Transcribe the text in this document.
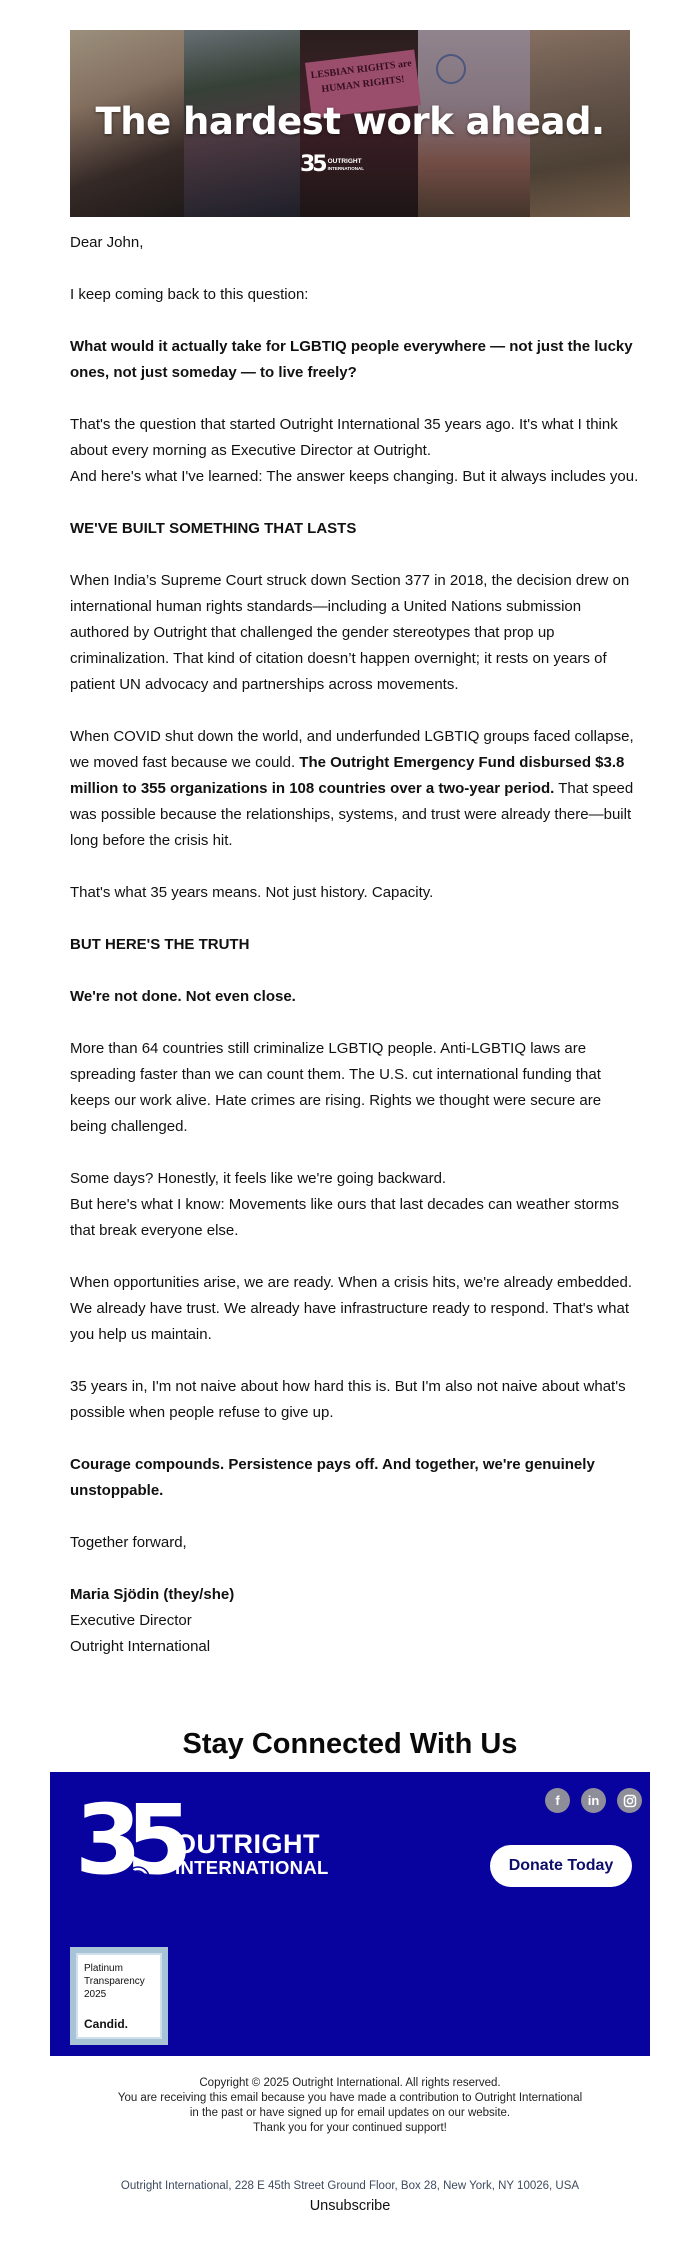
LESBIAN RIGHTS are HUMAN RIGHTS!
The hardest work ahead.
35 OUTRIGHT
INTERNATIONAL

Dear John,

I keep coming back to this question:

What would it actually take for LGBTIQ people everywhere — not just the lucky ones, not just someday — to live freely?

That's the question that started Outright International 35 years ago. It's what I think about every morning as Executive Director at Outright.

And here's what I've learned: The answer keeps changing. But it always includes you.

WE'VE BUILT SOMETHING THAT LASTS

When India’s Supreme Court struck down Section 377 in 2018, the decision drew on international human rights standards—including a United Nations submission authored by Outright that challenged the gender stereotypes that prop up criminalization. That kind of citation doesn’t happen overnight; it rests on years of patient UN advocacy and partnerships across movements.

When COVID shut down the world, and underfunded LGBTIQ groups faced collapse, we moved fast because we could. The Outright Emergency Fund disbursed $3.8 million to 355 organizations in 108 countries over a two-year period. That speed was possible because the relationships, systems, and trust were already there—built long before the crisis hit.

That's what 35 years means. Not just history. Capacity.

BUT HERE'S THE TRUTH

We're not done. Not even close.

More than 64 countries still criminalize LGBTIQ people. Anti-LGBTIQ laws are spreading faster than we can count them. The U.S. cut international funding that keeps our work alive. Hate crimes are rising. Rights we thought were secure are being challenged.

Some days? Honestly, it feels like we're going backward.

But here's what I know: Movements like ours that last decades can weather storms that break everyone else.

When opportunities arise, we are ready. When a crisis hits, we're already embedded. We already have trust. We already have infrastructure ready to respond. That's what you help us maintain.

35 years in, I'm not naive about how hard this is. But I'm also not naive about what's possible when people refuse to give up.

Courage compounds. Persistence pays off. And together, we're genuinely unstoppable.

Together forward,

Maria Sjödin (they/she)

Executive Director

Outright International

Stay Connected With Us
35
OUTRIGHT
INTERNATIONAL
f	in
Donate Today
Platinum
Transparency
2025
Candid.
Copyright © 2025 Outright International. All rights reserved.
You are receiving this email because you have made a contribution to Outright International
in the past or have signed up for email updates on our website.
Thank you for your continued support!
Outright International, 228 E 45th Street Ground Floor, Box 28, New York, NY 10026, USA
Unsubscribe
